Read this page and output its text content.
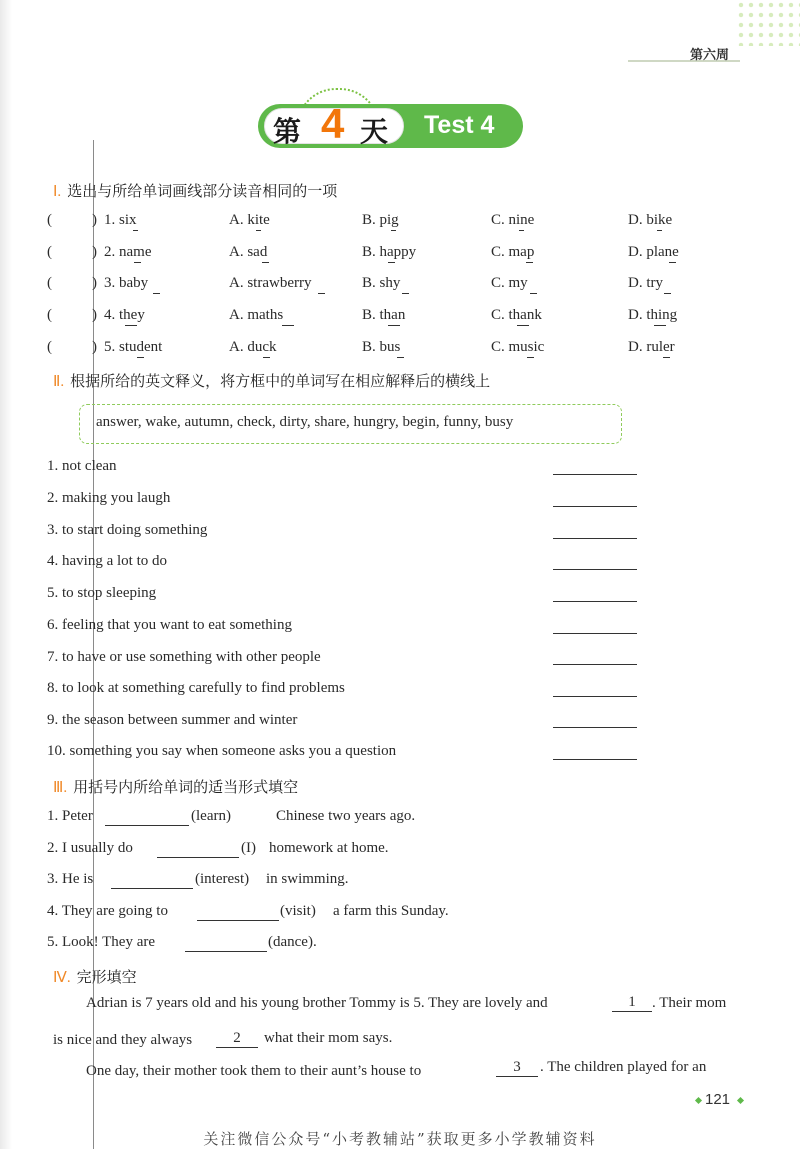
第六周
第 4 天 Test 4
Ⅰ. 选出与所给单词画线部分读音相同的一项
(	) 1. six	A. kite	B. pig	C. nine	D. bike
(	) 2. name	A. sad	B. happy	C. map	D. plane
(	) 3. baby	A. strawberry	B. shy	C. my	D. try
(	) 4. they	A. maths	B. than	C. thank	D. thing
(	) 5. student	A. duck	B. bus	C. music	D. ruler
Ⅱ. 根据所给的英文释义，将方框中的单词写在相应解释后的横线上
answer, wake, autumn, check, dirty, share, hungry, begin, funny, busy
1. not clean
2. making you laugh
3. to start doing something
4. having a lot to do
5. to stop sleeping
6. feeling that you want to eat something
7. to have or use something with other people
8. to look at something carefully to find problems
9. the season between summer and winter
10. something you say when someone asks you a question
Ⅲ. 用括号内所给单词的适当形式填空
1. Peter	(learn)	Chinese two years ago.
2. I usually do	(I) homework at home.
3. He is	(interest) in swimming.
4. They are going to	(visit) a farm this Sunday.
5. Look! They are	(dance).
Ⅳ. 完形填空
Adrian is 7 years old and his young brother Tommy is 5. They are lovely and	1	. Their mom
is nice and they always	2	what their mom says.
One day, their mother took them to their aunt’s house to	3	. The children played for an
121
关注微信公众号“小考教辅站”获取更多小学教辅资料
